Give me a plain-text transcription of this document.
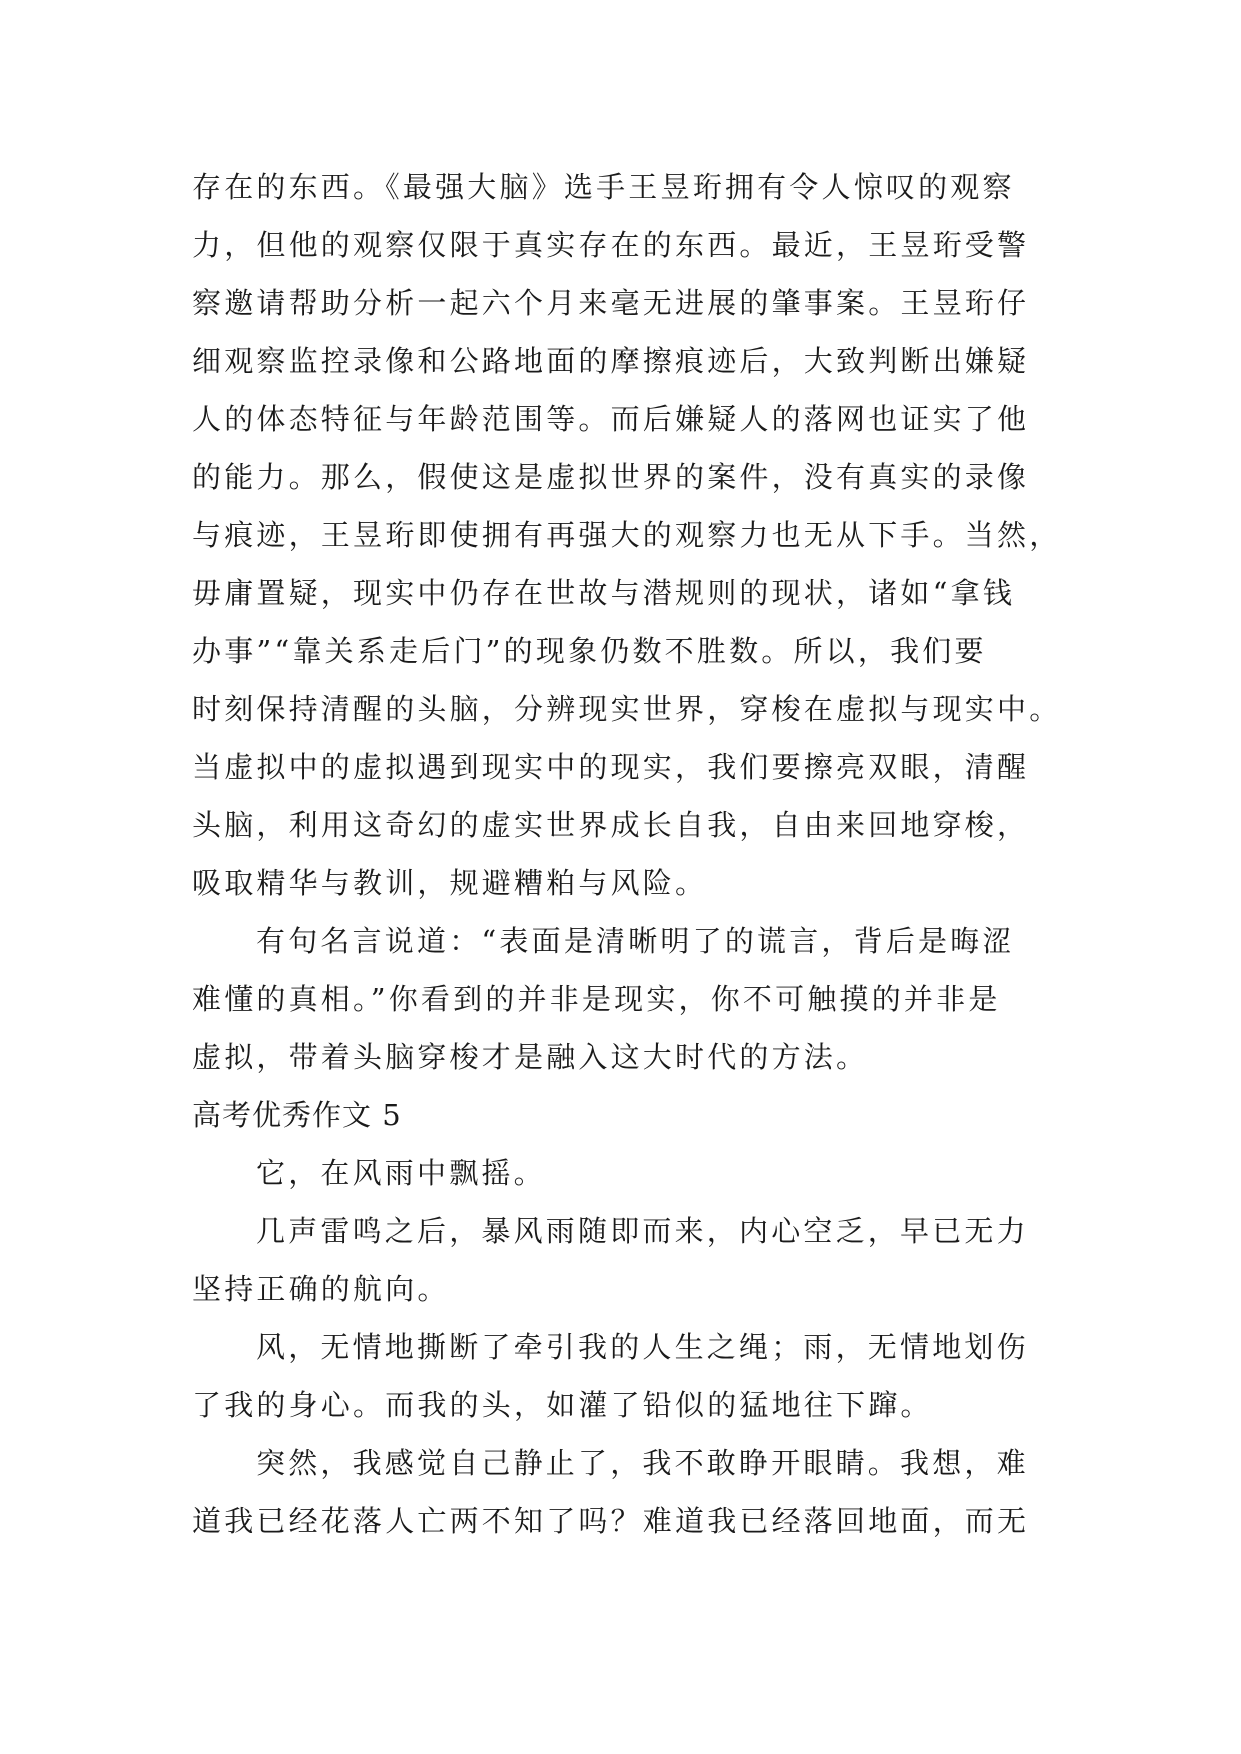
存在的东西。《最强大脑》选手王昱珩拥有令人惊叹的观察
力，但他的观察仅限于真实存在的东西。最近，王昱珩受警
察邀请帮助分析一起六个月来毫无进展的肇事案。王昱珩仔
细观察监控录像和公路地面的摩擦痕迹后，大致判断出嫌疑
人的体态特征与年龄范围等。而后嫌疑人的落网也证实了他
的能力。那么，假使这是虚拟世界的案件，没有真实的录像
与痕迹，王昱珩即使拥有再强大的观察力也无从下手。当然，
毋庸置疑，现实中仍存在世故与潜规则的现状，诸如“拿钱
办事”“靠关系走后门”的现象仍数不胜数。所以，我们要
时刻保持清醒的头脑，分辨现实世界，穿梭在虚拟与现实中。
当虚拟中的虚拟遇到现实中的现实，我们要擦亮双眼，清醒
头脑，利用这奇幻的虚实世界成长自我，自由来回地穿梭，
吸取精华与教训，规避糟粕与风险。
有句名言说道：“表面是清晰明了的谎言，背后是晦涩
难懂的真相。”你看到的并非是现实，你不可触摸的并非是
虚拟，带着头脑穿梭才是融入这大时代的方法。
高考优秀作文 5
它，在风雨中飘摇。
几声雷鸣之后，暴风雨随即而来，内心空乏，早已无力
坚持正确的航向。
风，无情地撕断了牵引我的人生之绳；雨，无情地划伤
了我的身心。而我的头，如灌了铅似的猛地往下蹿。
突然，我感觉自己静止了，我不敢睁开眼睛。我想，难
道我已经花落人亡两不知了吗？难道我已经落回地面，而无
